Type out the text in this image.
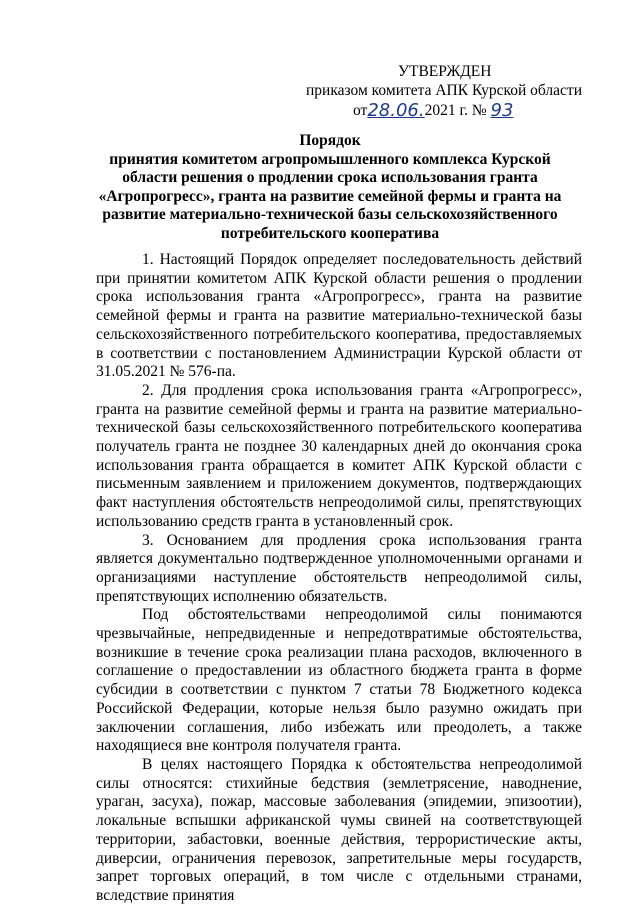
УТВЕРЖДЕН
приказом комитета АПК Курской области
от28.06.2021 г. № 93
Порядок
принятия комитетом агропромышленного комплекса Курской
области решения о продлении срока использования гранта
«Агропрогресс», гранта на развитие семейной фермы и гранта на
развитие материально-технической базы сельскохозяйственного
потребительского кооператива

1. Настоящий Порядок определяет последовательность действий при принятии комитетом АПК Курской области решения о продлении срока использования гранта «Агропрогресс», гранта на развитие семейной фермы и гранта на развитие материально-технической базы сельскохозяйственного потребительского кооператива, предоставляемых в соответствии с постановлением Администрации Курской области от 31.05.2021 № 576-па.

2. Для продления срока использования гранта «Агропрогресс», гранта на развитие семейной фермы и гранта на развитие материально-технической базы сельскохозяйственного потребительского кооператива получатель гранта не позднее 30 календарных дней до окончания срока использования гранта обращается в комитет АПК Курской области с письменным заявлением и приложением документов, подтверждающих факт наступления обстоятельств непреодолимой силы, препятствующих использованию средств гранта в установленный срок.

3. Основанием для продления срока использования гранта является документально подтвержденное уполномоченными органами и организациями наступление обстоятельств непреодолимой силы, препятствующих исполнению обязательств.

Под обстоятельствами непреодолимой силы понимаются чрезвычайные, непредвиденные и непредотвратимые обстоятельства, возникшие в течение срока реализации плана расходов, включенного в соглашение о предоставлении из областного бюджета гранта в форме субсидии в соответствии с пунктом 7 статьи 78 Бюджетного кодекса Российской Федерации, которые нельзя было разумно ожидать при заключении соглашения, либо избежать или преодолеть, а также находящиеся вне контроля получателя гранта.

В целях настоящего Порядка к обстоятельства непреодолимой силы относятся: стихийные бедствия (землетрясение, наводнение, ураган, засуха), пожар, массовые заболевания (эпидемии, эпизоотии), локальные вспышки африканской чумы свиней на соответствующей территории, забастовки, военные действия, террористические акты, диверсии, ограничения перевозок, запретительные меры государств, запрет торговых операций, в том числе с отдельными странами, вследствие принятия
